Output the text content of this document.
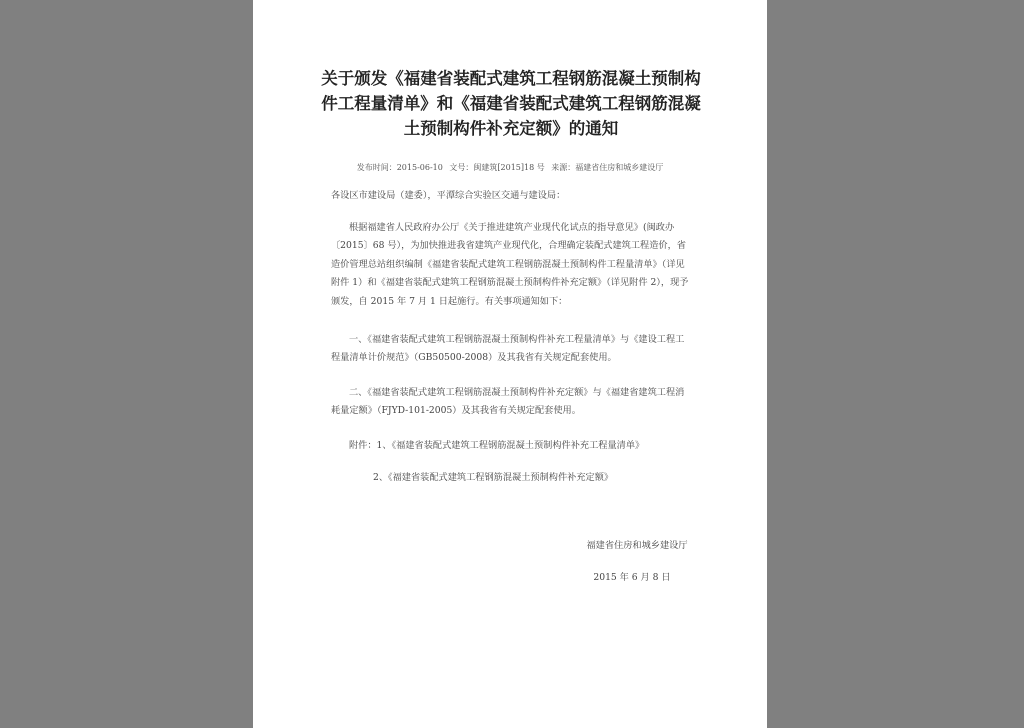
关于颁发《福建省装配式建筑工程钢筋混凝土预制构件工程量清单》和《福建省装配式建筑工程钢筋混凝土预制构件补充定额》的通知
发布时间：2015-06-10 文号：闽建筑[2015]18 号 来源：福建省住房和城乡建设厅
各设区市建设局（建委），平潭综合实验区交通与建设局：
根据福建省人民政府办公厅《关于推进建筑产业现代化试点的指导意见》(闽政办〔2015〕68 号），为加快推进我省建筑产业现代化，合理确定装配式建筑工程造价，省造价管理总站组织编制《福建省装配式建筑工程钢筋混凝土预制构件工程量清单》（详见附件 1）和《福建省装配式建筑工程钢筋混凝土预制构件补充定额》（详见附件 2），现予颁发，自 2015 年 7 月 1 日起施行。有关事项通知如下：
一、《福建省装配式建筑工程钢筋混凝土预制构件补充工程量清单》与《建设工程工程量清单计价规范》（GB50500-2008）及其我省有关规定配套使用。
二、《福建省装配式建筑工程钢筋混凝土预制构件补充定额》与《福建省建筑工程消耗量定额》（FJYD-101-2005）及其我省有关规定配套使用。
附件：1、《福建省装配式建筑工程钢筋混凝土预制构件补充工程量清单》
2、《福建省装配式建筑工程钢筋混凝土预制构件补充定额》
福建省住房和城乡建设厅
2015 年 6 月 8 日
